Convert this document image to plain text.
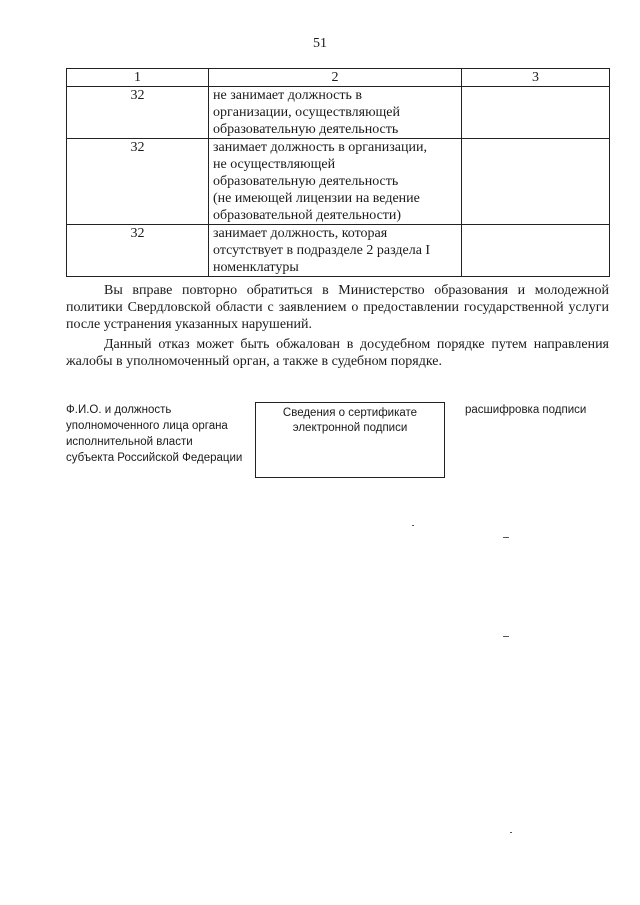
51
1	2	3
32	не занимает должность в
организации, осуществляющей
образовательную деятельность	
32	занимает должность в организации,
не осуществляющей
образовательную деятельность
(не имеющей лицензии на ведение
образовательной деятельности)	
32	занимает должность, которая
отсутствует в подразделе 2 раздела I
номенклатуры	
Вы вправе повторно обратиться в Министерство образования и молодежной политики Свердловской области с заявлением о предоставлении государственной услуги после устранения указанных нарушений.
Данный отказ может быть обжалован в досудебном порядке путем направления жалобы в уполномоченный орган, а также в судебном порядке.
Ф.И.О. и должность
уполномоченного лица органа
исполнительной власти
субъекта Российской Федерации
Сведения о сертификате
электронной подписи
расшифровка подписи
